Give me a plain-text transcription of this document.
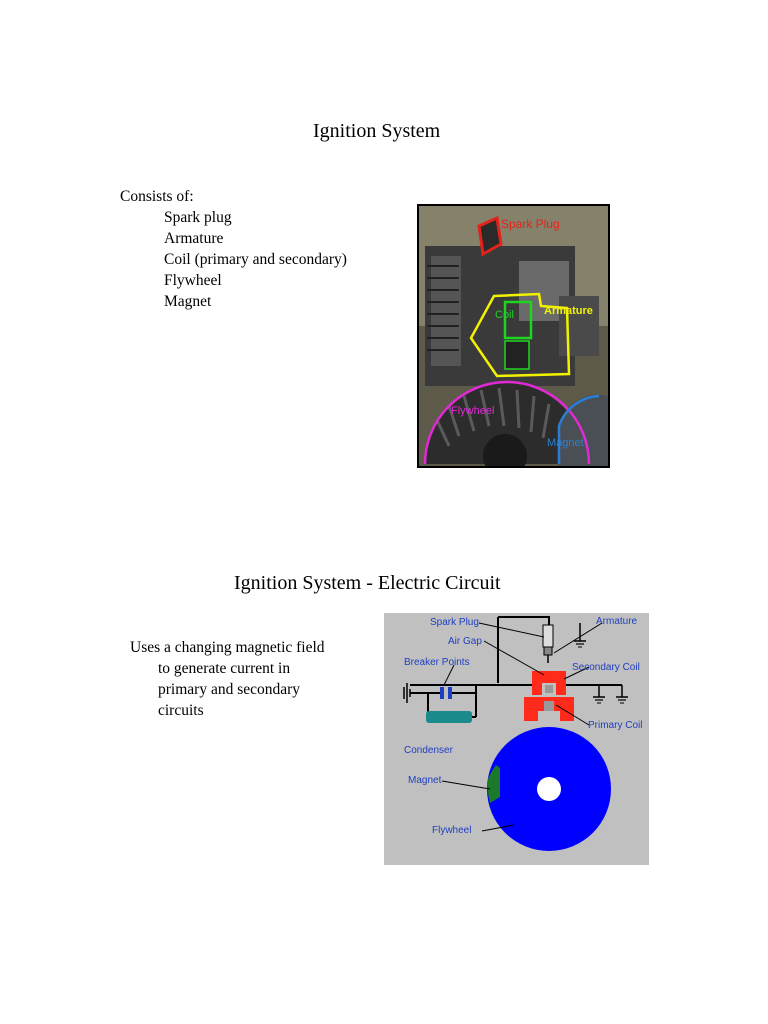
Ignition System
Consists of:
Spark plug
Armature
Coil (primary and secondary)
Flywheel
Magnet
Spark Plug
Armature
Coil
Flywheel
Magnet
Ignition System - Electric Circuit
Uses a changing magnetic field
to generate current in
primary and secondary
circuits
Spark Plug	Armature
Air Gap
Secondary Coil
Breaker Points
Primary Coil
Condenser
Magnet
Flywheel
